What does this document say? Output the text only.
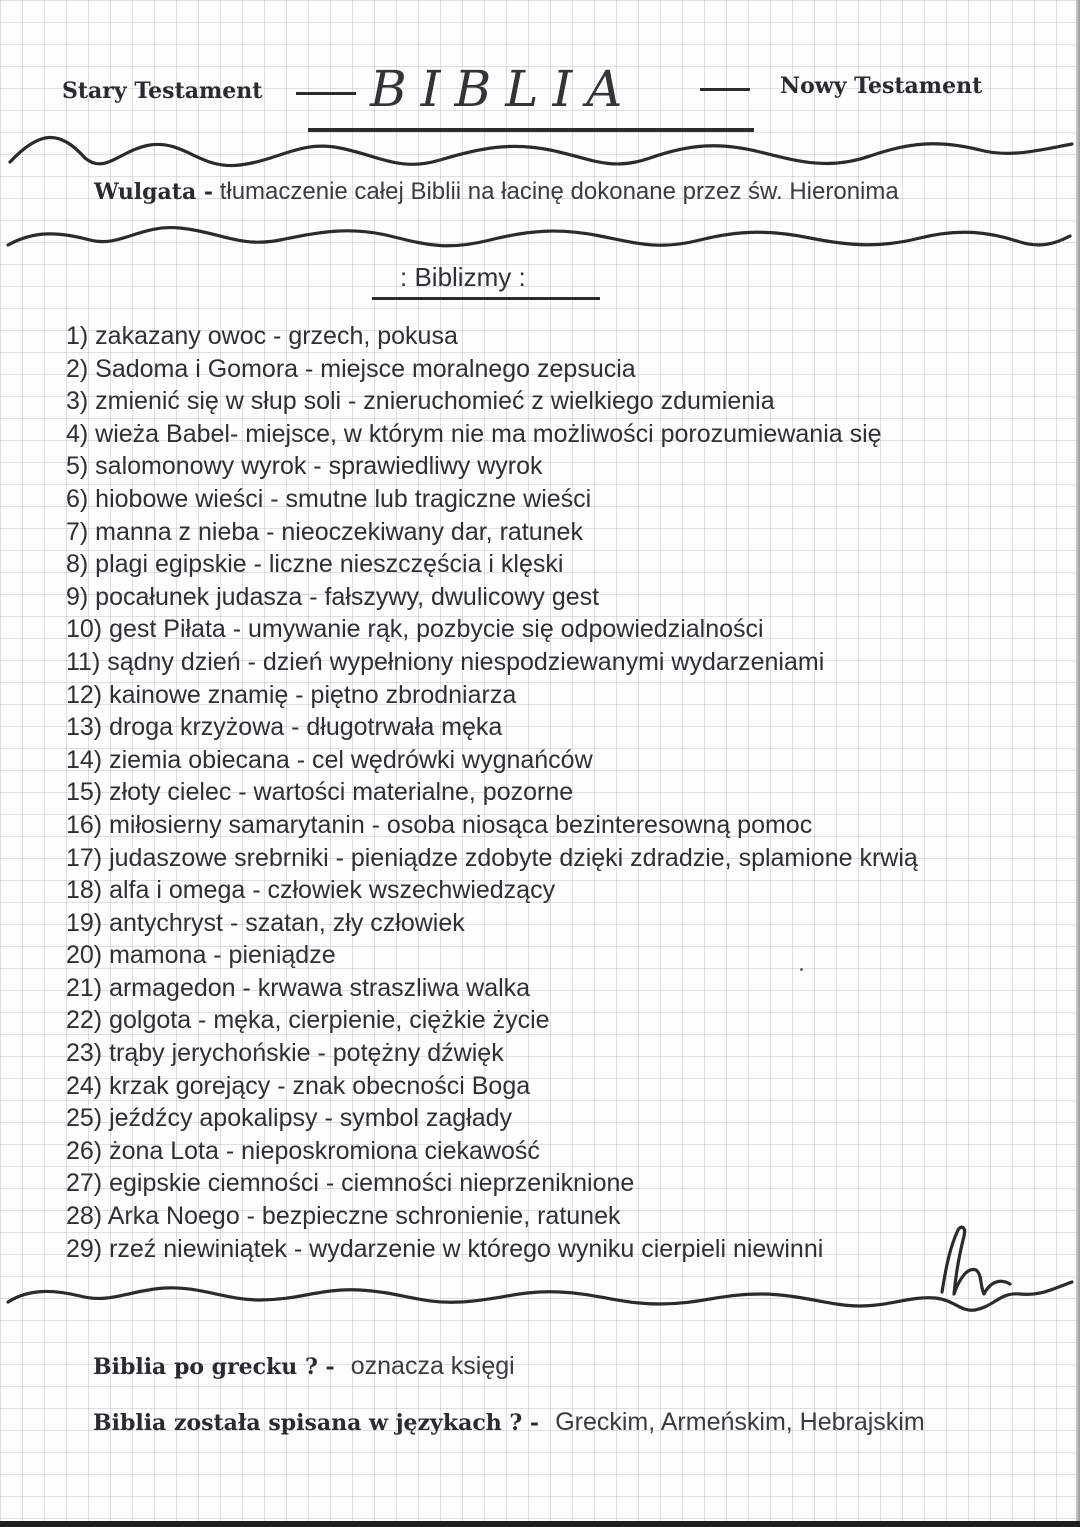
Stary Testament BIBLIA	Nowy Testament
Wulgata - tłumaczenie całej Biblii na łacinę dokonane przez św. Hieronima
: Biblizmy :
1) zakazany owoc - grzech, pokusa
2) Sadoma i Gomora - miejsce moralnego zepsucia
3) zmienić się w słup soli - znieruchomieć z wielkiego zdumienia
4) wieża Babel- miejsce, w którym nie ma możliwości porozumiewania się
5) salomonowy wyrok - sprawiedliwy wyrok
6) hiobowe wieści - smutne lub tragiczne wieści
7) manna z nieba - nieoczekiwany dar, ratunek
8) plagi egipskie - liczne nieszczęścia i klęski
9) pocałunek judasza - fałszywy, dwulicowy gest
10) gest Piłata - umywanie rąk, pozbycie się odpowiedzialności
11) sądny dzień - dzień wypełniony niespodziewanymi wydarzeniami
12) kainowe znamię - piętno zbrodniarza
13) droga krzyżowa - długotrwała męka
14) ziemia obiecana - cel wędrówki wygnańców
15) złoty cielec - wartości materialne, pozorne
16) miłosierny samarytanin - osoba niosąca bezinteresowną pomoc
17) judaszowe srebrniki - pieniądze zdobyte dzięki zdradzie, splamione krwią
18) alfa i omega - człowiek wszechwiedzący
19) antychryst - szatan, zły człowiek
20) mamona - pieniądze
21) armagedon - krwawa straszliwa walka
22) golgota - męka, cierpienie, ciężkie życie
23) trąby jerychońskie - potężny dźwięk
24) krzak gorejący - znak obecności Boga
25) jeźdźcy apokalipsy - symbol zagłady
26) żona Lota - nieposkromiona ciekawość
27) egipskie ciemności - ciemności nieprzeniknione
28) Arka Noego - bezpieczne schronienie, ratunek
29) rzeź niewiniątek - wydarzenie w którego wyniku cierpieli niewinni
Biblia po grecku ? - oznacza księgi
Biblia została spisana w językach ? - Greckim, Armeńskim, Hebrajskim
